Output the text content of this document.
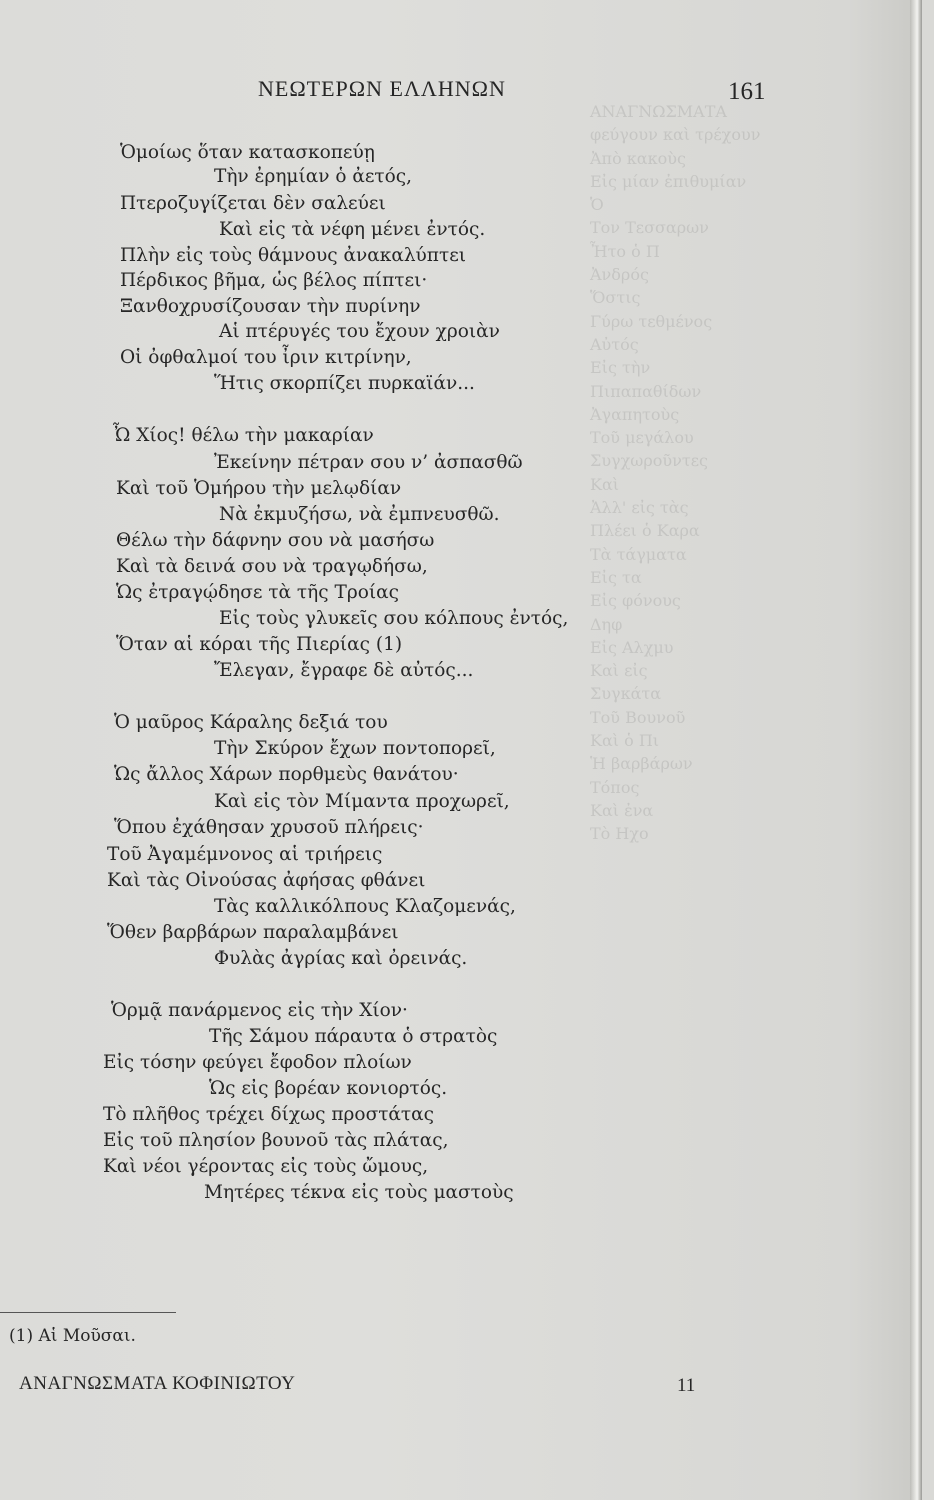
ΑΝΑΓΝΩΣΜΑΤΑ
φεύγουν καὶ τρέχουν
Ἀπὸ κακοὺς
Εἰς μίαν ἐπιθυμίαν
Ὁ
Τον Τεσσαρων
Ἦτο ὁ Π
Ἀνδρός
Ὅστις
Γύρω τεθμένος
Αὐτός
Εἰς τὴν
Πιπαπαθίδων
Ἀγαπητοὺς
Τοῦ μεγάλου
Συγχωροῦντες
Καὶ
Ἀλλ' εἰς τὰς
Πλέει ὁ Καρα
Τὰ τάγματα
Εἰς τα
Εἰς φόνους
Δηφ
Εἰς Αλχμυ
Καὶ εἰς
Συγκάτα
Τοῦ Βουνοῦ
Καὶ ὁ Πι
Ἡ βαρβάρων
Τόπος
Καὶ ἐνα
Τὸ Ηχο
ΝΕΩΤΕΡΩΝ ΕΛΛΗΝΩΝ	161
Ὁμοίως ὅταν κατασκοπεύῃ
Τὴν ἐρημίαν ὁ ἀετός,
Πτεροζυγίζεται δὲν σαλεύει
Καὶ εἰς τὰ νέφη μένει ἐντός.
Πλὴν εἰς τοὺς θάμνους ἀνακαλύπτει
Πέρδικος βῆμα, ὡς βέλος πίπτει·
Ξανθοχρυσίζουσαν τὴν πυρίνην
Αἱ πτέρυγές του ἔχουν χροιὰν
Οἱ ὀφθαλμοί του ἶριν κιτρίνην,
Ἥτις σκορπίζει πυρκαϊάν...
Ὦ Χίος! θέλω τὴν μακαρίαν
Ἐκείνην πέτραν σου ν’ ἀσπασθῶ
Καὶ τοῦ Ὁμήρου τὴν μελῳδίαν
Νὰ ἐκμυζήσω, νὰ ἐμπνευσθῶ.
Θέλω τὴν δάφνην σου νὰ μασήσω
Καὶ τὰ δεινά σου νὰ τραγῳδήσω,
Ὡς ἐτραγῴδησε τὰ τῆς Τροίας
Εἰς τοὺς γλυκεῖς σου κόλπους ἐντός,
Ὅταν αἱ κόραι τῆς Πιερίας (1)
Ἔλεγαν, ἔγραφε δὲ αὐτός...
Ὁ μαῦρος Κάραλης δεξιά του
Τὴν Σκύρον ἔχων ποντοπορεῖ,
Ὡς ἄλλος Χάρων πορθμεὺς θανάτου·
Καὶ εἰς τὸν Μίμαντα προχωρεῖ,
Ὅπου ἐχάθησαν χρυσοῦ πλήρεις·
Τοῦ Ἀγαμέμνονος αἱ τριήρεις
Καὶ τὰς Οἰνούσας ἀφήσας φθάνει
Τὰς καλλικόλπους Κλαζομενάς,
Ὅθεν βαρβάρων παραλαμβάνει
Φυλὰς ἀγρίας καὶ ὀρεινάς.
Ὁρμᾷ πανάρμενος εἰς τὴν Χίον·
Τῆς Σάμου πάραυτα ὁ στρατὸς
Εἰς τόσην φεύγει ἔφοδον πλοίων
Ὡς εἰς βορέαν κονιορτός.
Τὸ πλῆθος τρέχει δίχως προστάτας
Εἰς τοῦ πλησίον βουνοῦ τὰς πλάτας,
Καὶ νέοι γέροντας εἰς τοὺς ὤμους,
Μητέρες τέκνα εἰς τοὺς μαστοὺς
(1) Αἱ Μοῦσαι.
ΑΝΑΓΝΩΣΜΑΤΑ ΚΟΦΙΝΙΩΤΟΥ	11
